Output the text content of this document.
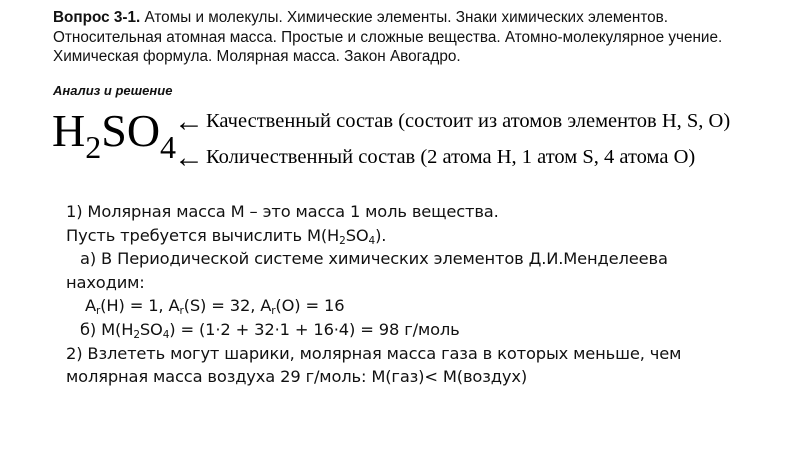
Вопрос 3-1. Атомы и молекулы. Химические элементы. Знаки химических элементов.
Относительная атомная масса. Простые и сложные вещества. Атомно-молекулярное учение.
Химическая формула. Молярная масса. Закон Авогадро.
Анализ и решение
$H_2SO_4$
← Качественный состав (состоит из атомов элементов H, S, O)
← Количественный состав (2 атома H, 1 атом S, 4 атома O)
1) Молярная масса М – это масса 1 моль вещества.
Пусть требуется вычислить М(Н2SO4).
а) В Периодической системе химических элементов Д.И.Менделеева
находим:
Ar(H) = 1, Ar(S) = 32, Ar(O) = 16
б) M(H2SO4) = (1·2 + 32·1 + 16·4) = 98 г/моль
2) Взлететь могут шарики, молярная масса газа в которых меньше, чем
молярная масса воздуха 29 г/моль: М(газ)< М(воздух)
